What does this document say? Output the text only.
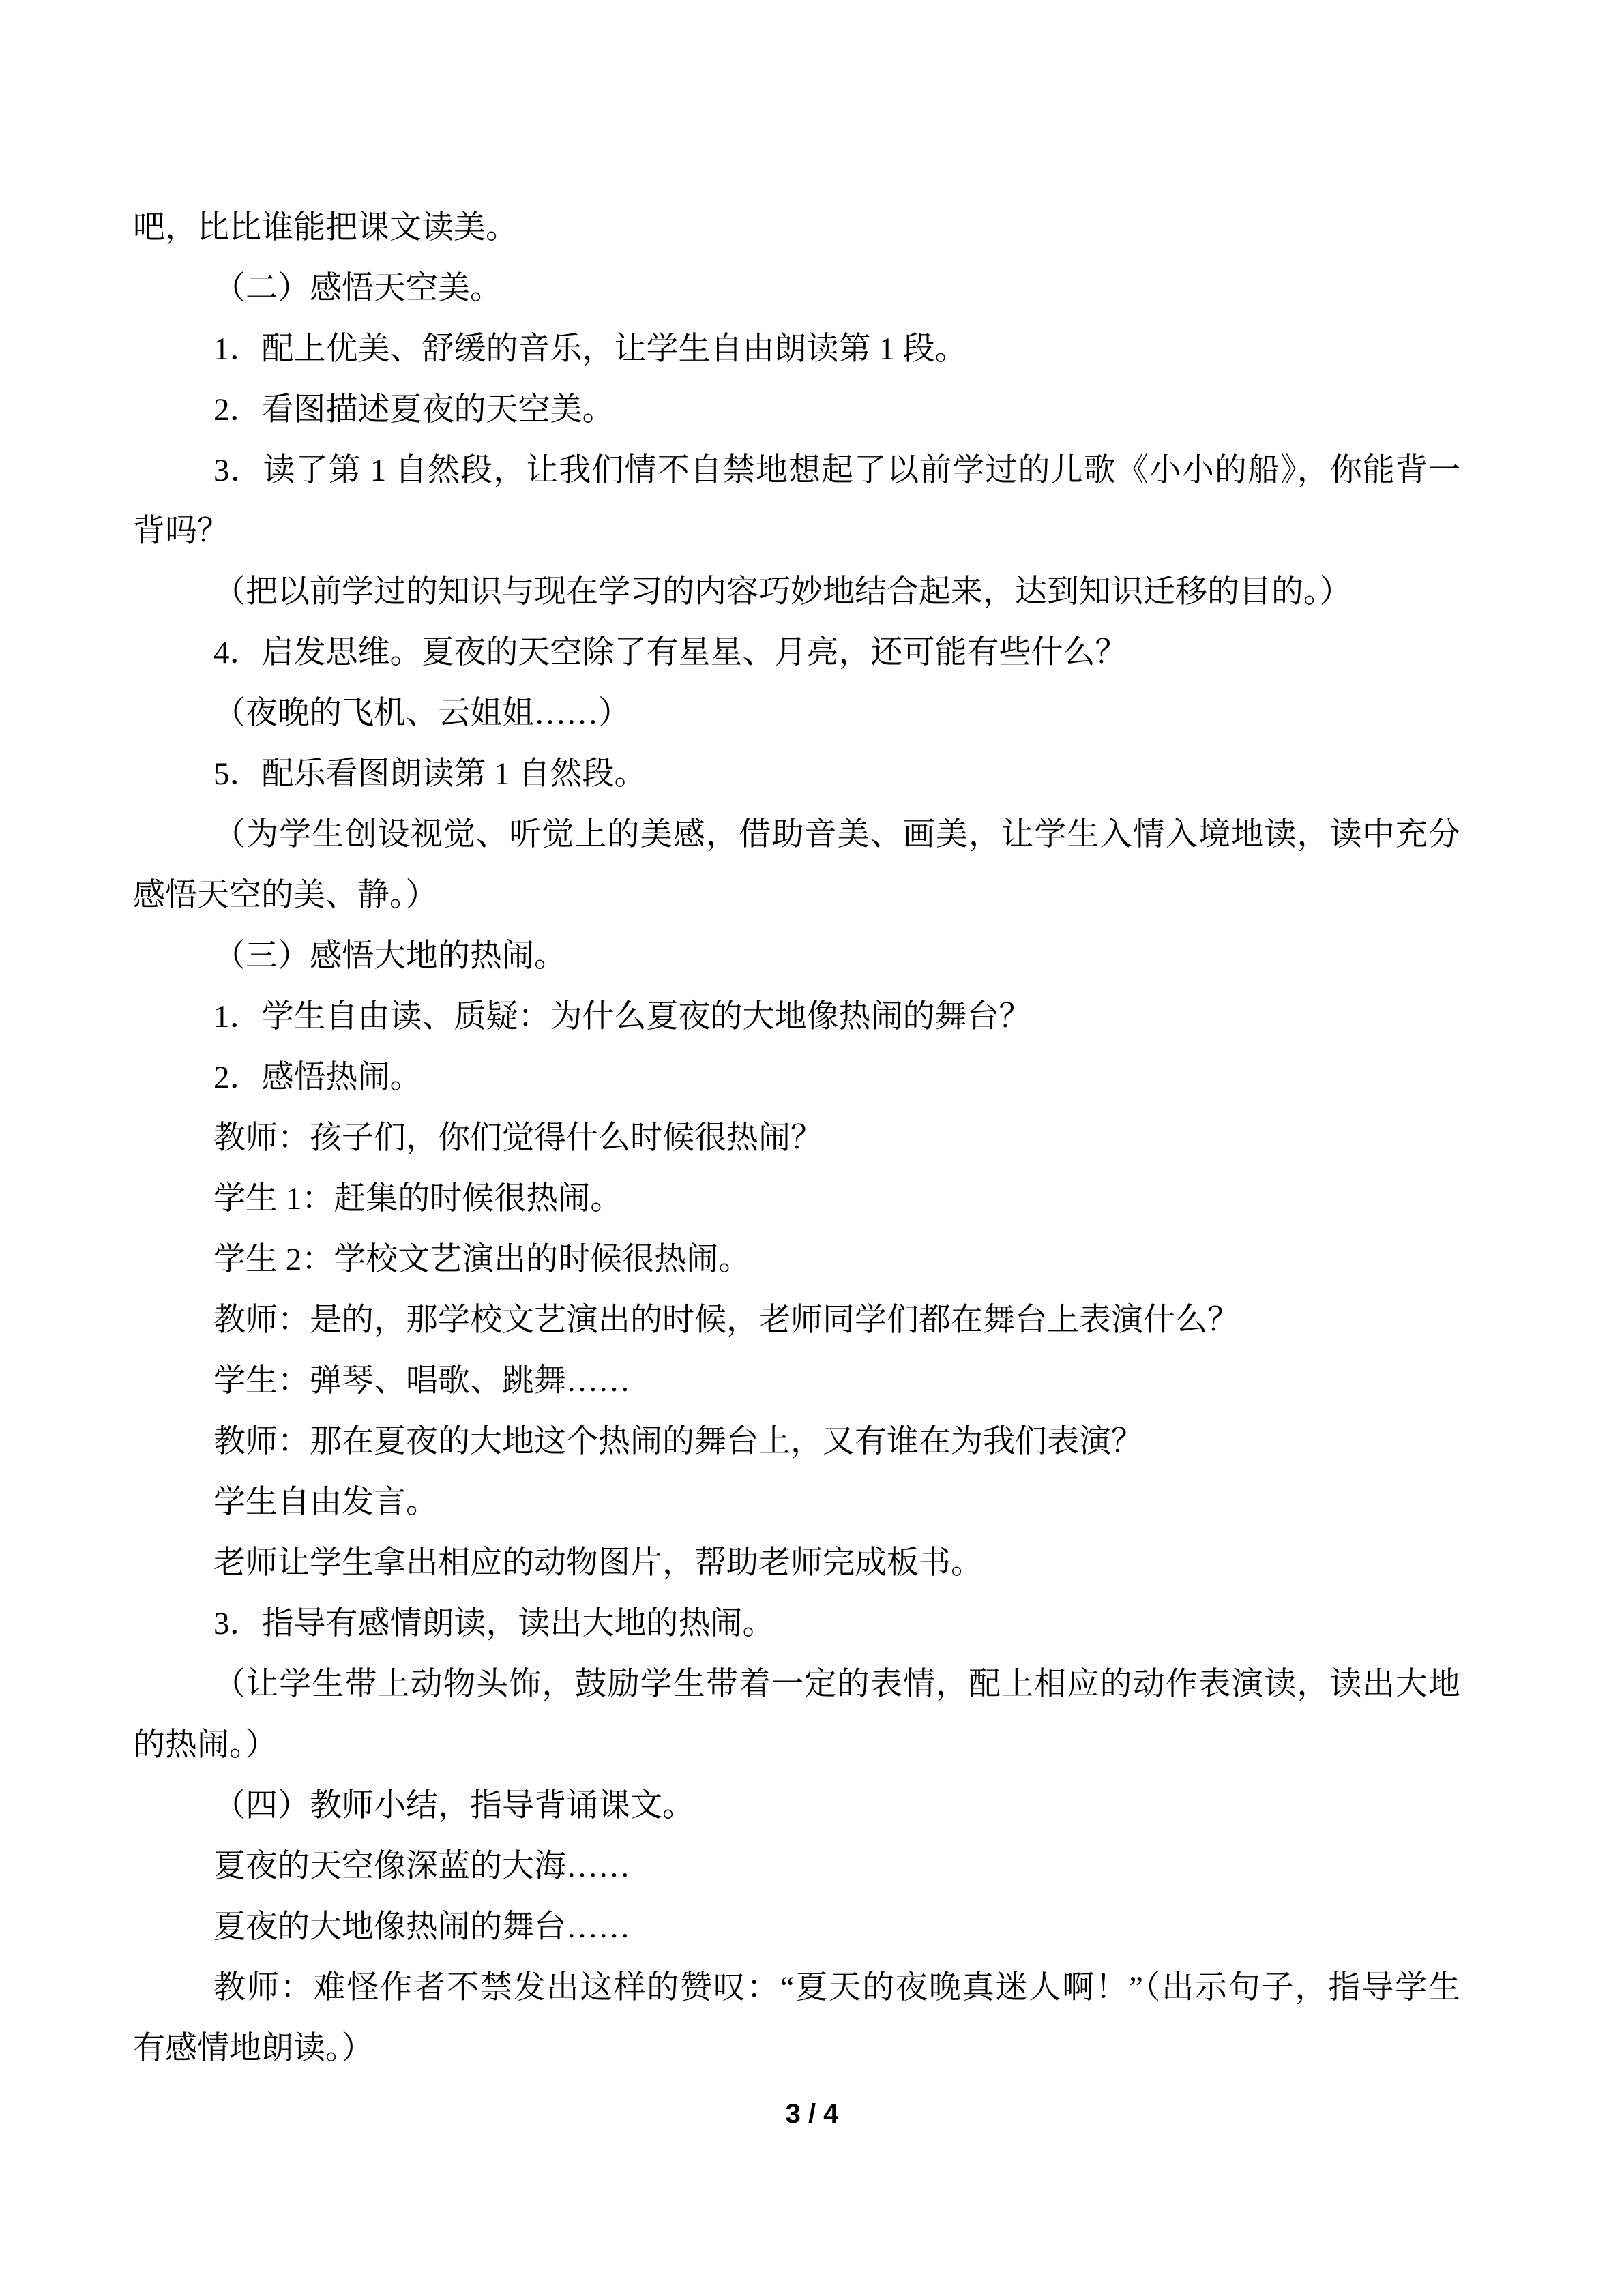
吧，比比谁能把课文读美。
（二）感悟天空美。
1．配上优美、舒缓的音乐，让学生自由朗读第 1 段。
2．看图描述夏夜的天空美。
3．读了第 1 自然段，让我们情不自禁地想起了以前学过的儿歌《小小的船》，你能背一
背吗？
（把以前学过的知识与现在学习的内容巧妙地结合起来，达到知识迁移的目的。）
4．启发思维。夏夜的天空除了有星星、月亮，还可能有些什么？
（夜晚的飞机、云姐姐……）
5．配乐看图朗读第 1 自然段。
（为学生创设视觉、听觉上的美感，借助音美、画美，让学生入情入境地读，读中充分
感悟天空的美、静。）
（三）感悟大地的热闹。
1．学生自由读、质疑：为什么夏夜的大地像热闹的舞台？
2．感悟热闹。
教师：孩子们，你们觉得什么时候很热闹？
学生 1：赶集的时候很热闹。
学生 2：学校文艺演出的时候很热闹。
教师：是的，那学校文艺演出的时候，老师同学们都在舞台上表演什么？
学生：弹琴、唱歌、跳舞……
教师：那在夏夜的大地这个热闹的舞台上，又有谁在为我们表演？
学生自由发言。
老师让学生拿出相应的动物图片，帮助老师完成板书。
3．指导有感情朗读，读出大地的热闹。
（让学生带上动物头饰，鼓励学生带着一定的表情，配上相应的动作表演读，读出大地
的热闹。）
（四）教师小结，指导背诵课文。
夏夜的天空像深蓝的大海……
夏夜的大地像热闹的舞台……
教师：难怪作者不禁发出这样的赞叹：“夏天的夜晚真迷人啊！”（出示句子，指导学生
有感情地朗读。）
3 / 4
